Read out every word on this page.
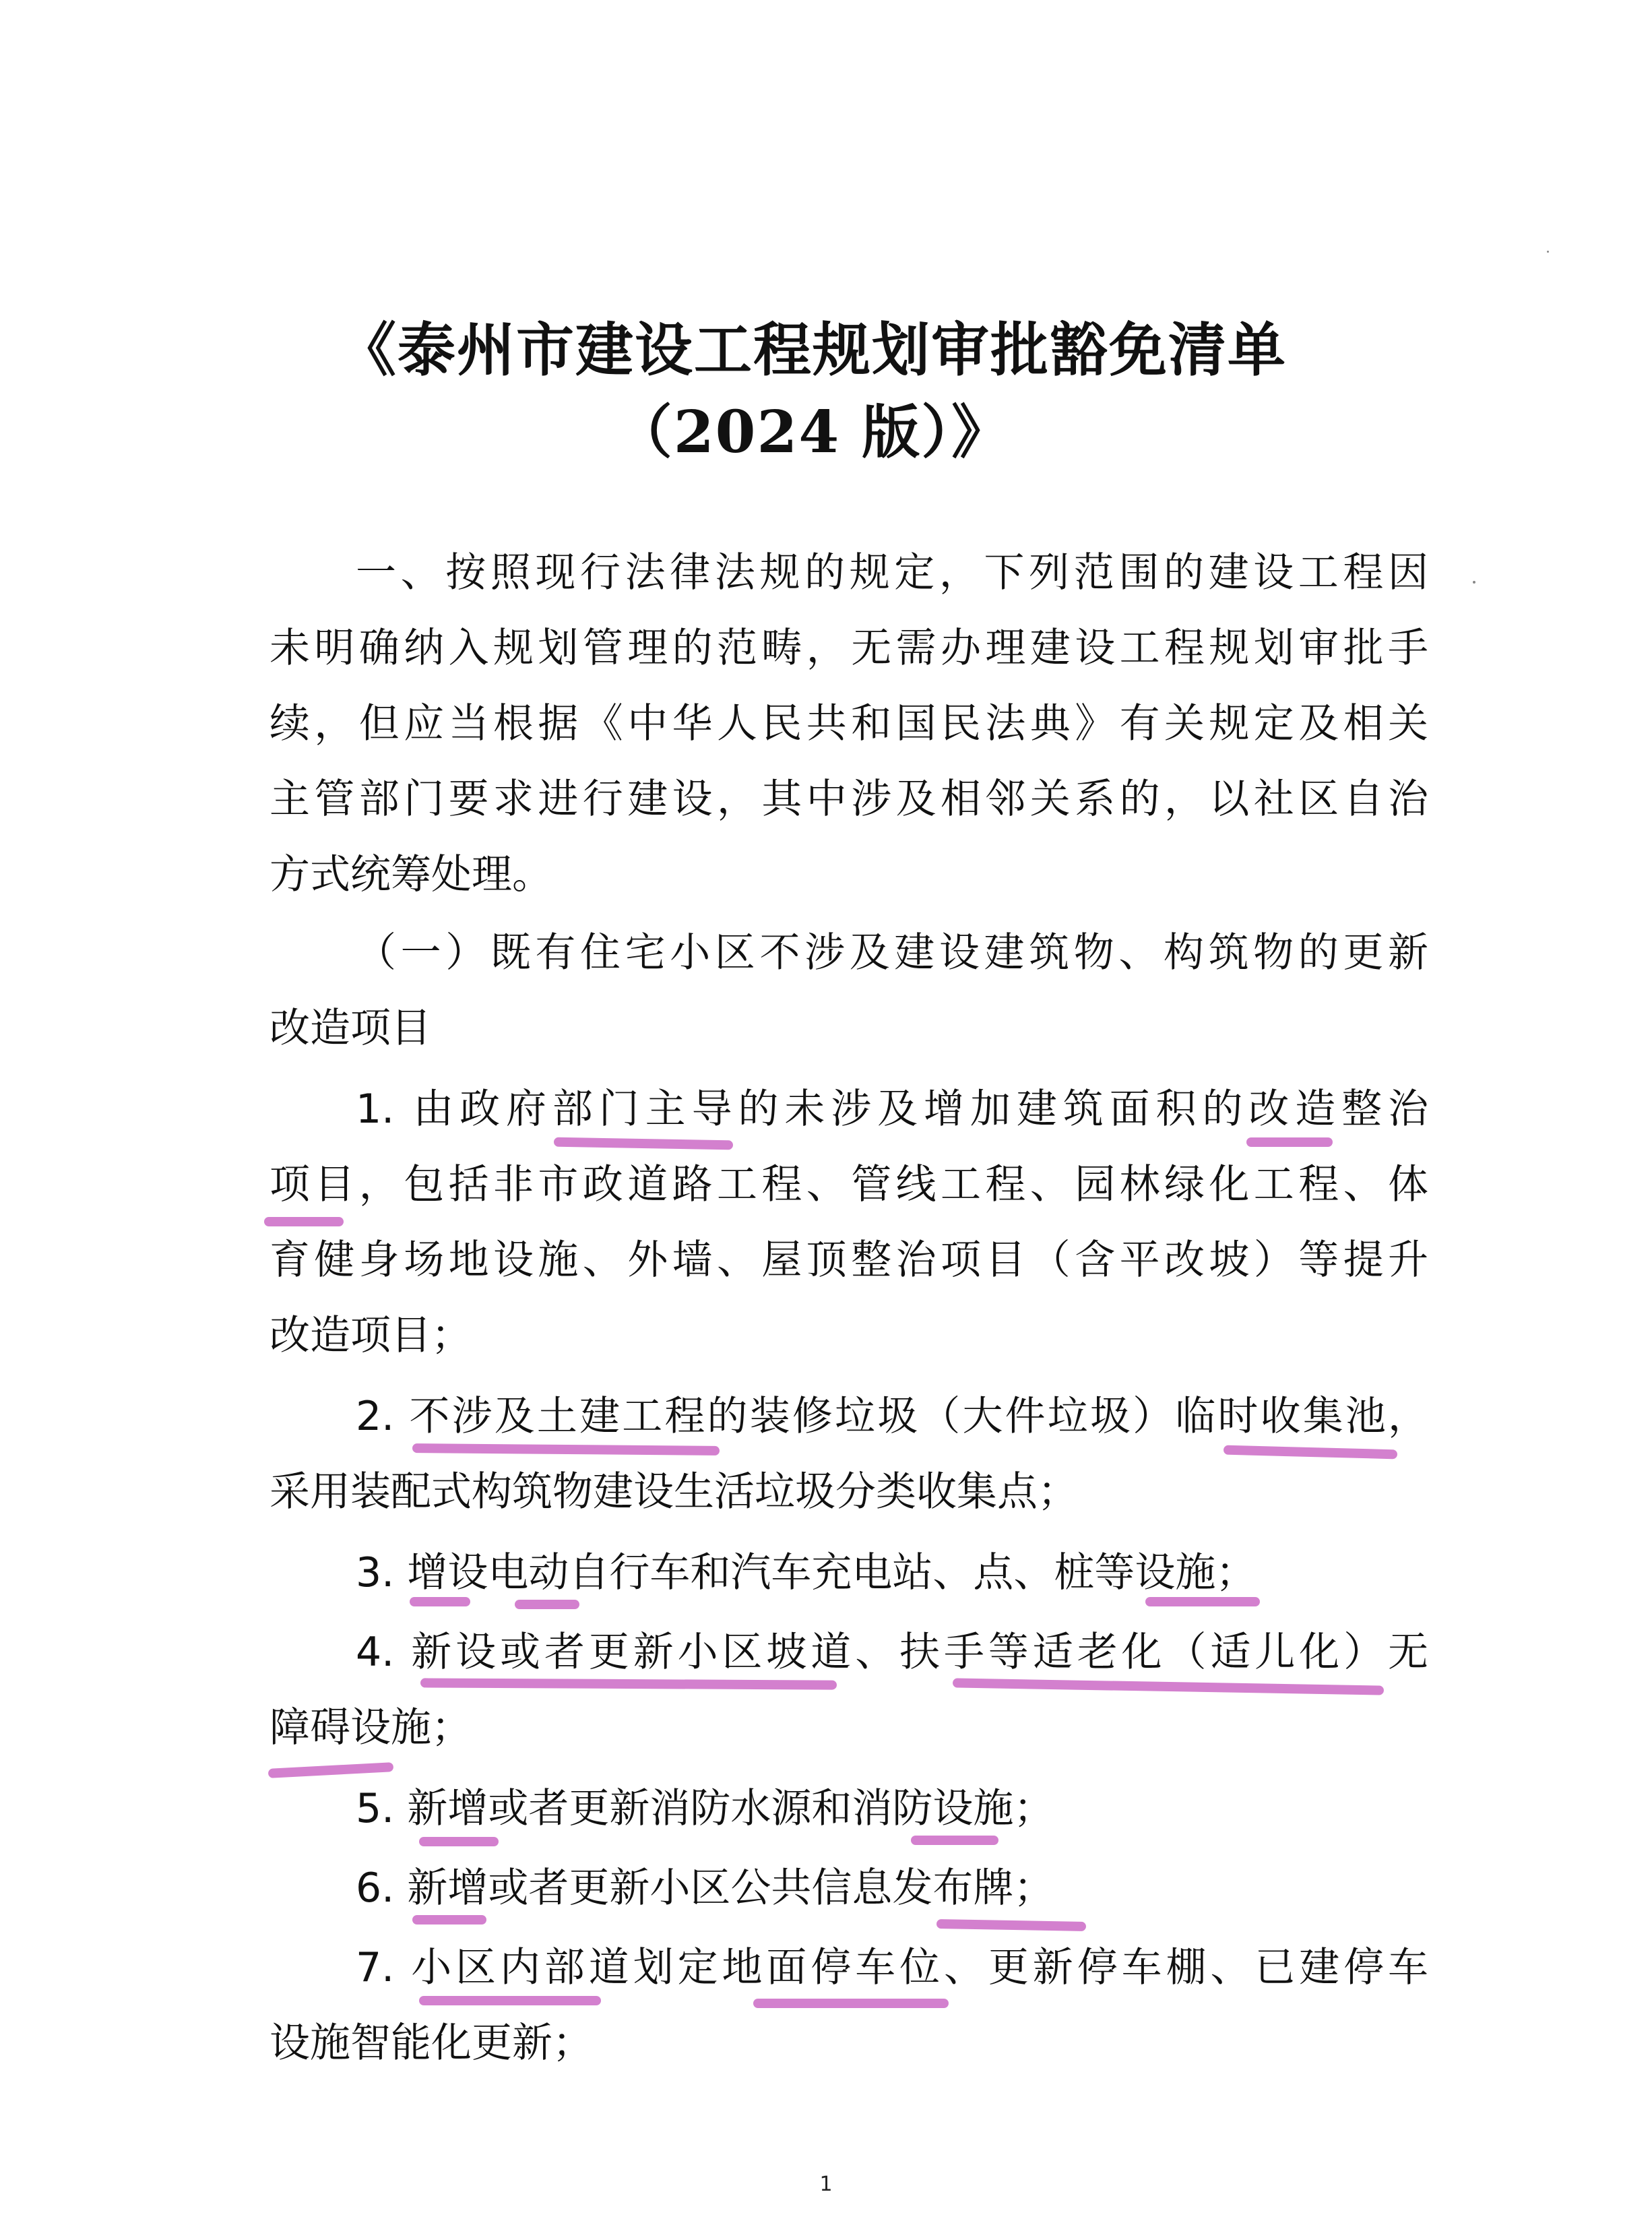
《泰州市建设工程规划审批豁免清单
（2024 版）》
一、按照现行法律法规的规定，下列范围的建设工程因
未明确纳入规划管理的范畴，无需办理建设工程规划审批手
续，但应当根据《中华人民共和国民法典》有关规定及相关
主管部门要求进行建设，其中涉及相邻关系的，以社区自治
方式统筹处理。
（一）既有住宅小区不涉及建设建筑物、构筑物的更新
改造项目
1. 由政府部门主导的未涉及增加建筑面积的改造整治
项目，包括非市政道路工程、管线工程、园林绿化工程、体
育健身场地设施、外墙、屋顶整治项目（含平改坡）等提升
改造项目；
2. 不涉及土建工程的装修垃圾（大件垃圾）临时收集池，
采用装配式构筑物建设生活垃圾分类收集点；
3. 增设电动自行车和汽车充电站、点、桩等设施；
4. 新设或者更新小区坡道、扶手等适老化（适儿化）无
障碍设施；
5. 新增或者更新消防水源和消防设施；
6. 新增或者更新小区公共信息发布牌；
7. 小区内部道划定地面停车位、更新停车棚、已建停车
设施智能化更新；
1
